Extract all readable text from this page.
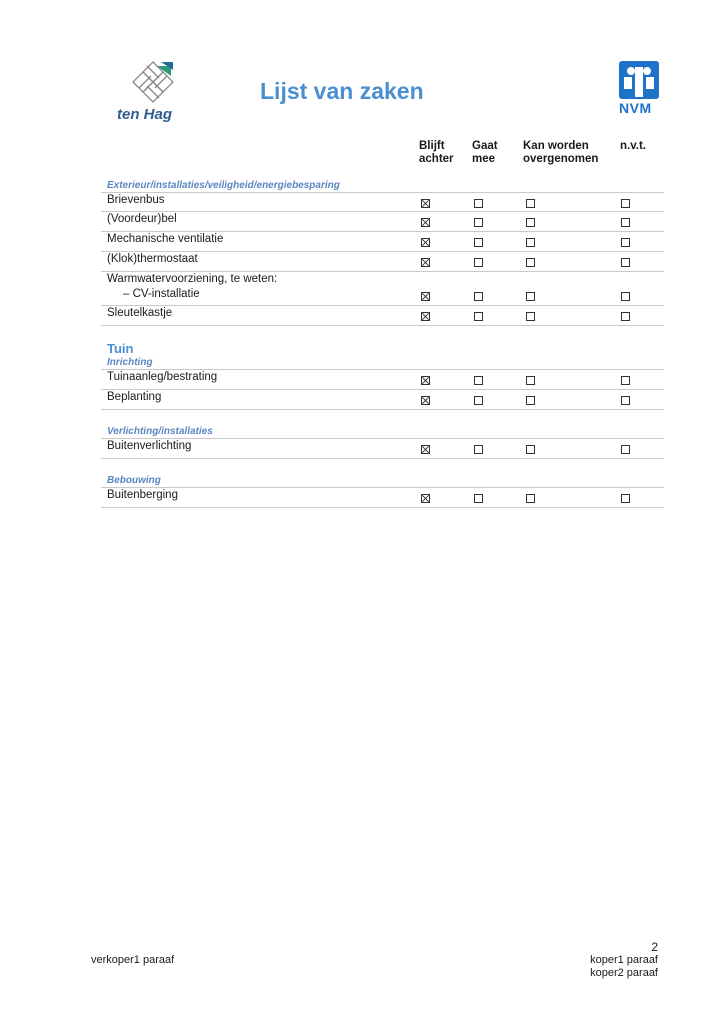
ten Hag
Lijst van zaken
NVM
Blijft
achter
Gaat
mee
Kan worden
overgenomen
n.v.t.
Exterieur/installaties/veiligheid/energiebesparing
Brievenbus
(Voordeur)bel
Mechanische ventilatie
(Klok)thermostaat
Warmwatervoorziening, te weten:
– CV-installatie
Sleutelkastje
Tuin
Inrichting
Tuinaanleg/bestrating
Beplanting
Verlichting/installaties
Buitenverlichting
Bebouwing
Buitenberging
verkoper1 paraaf
2
koper1 paraaf
koper2 paraaf
